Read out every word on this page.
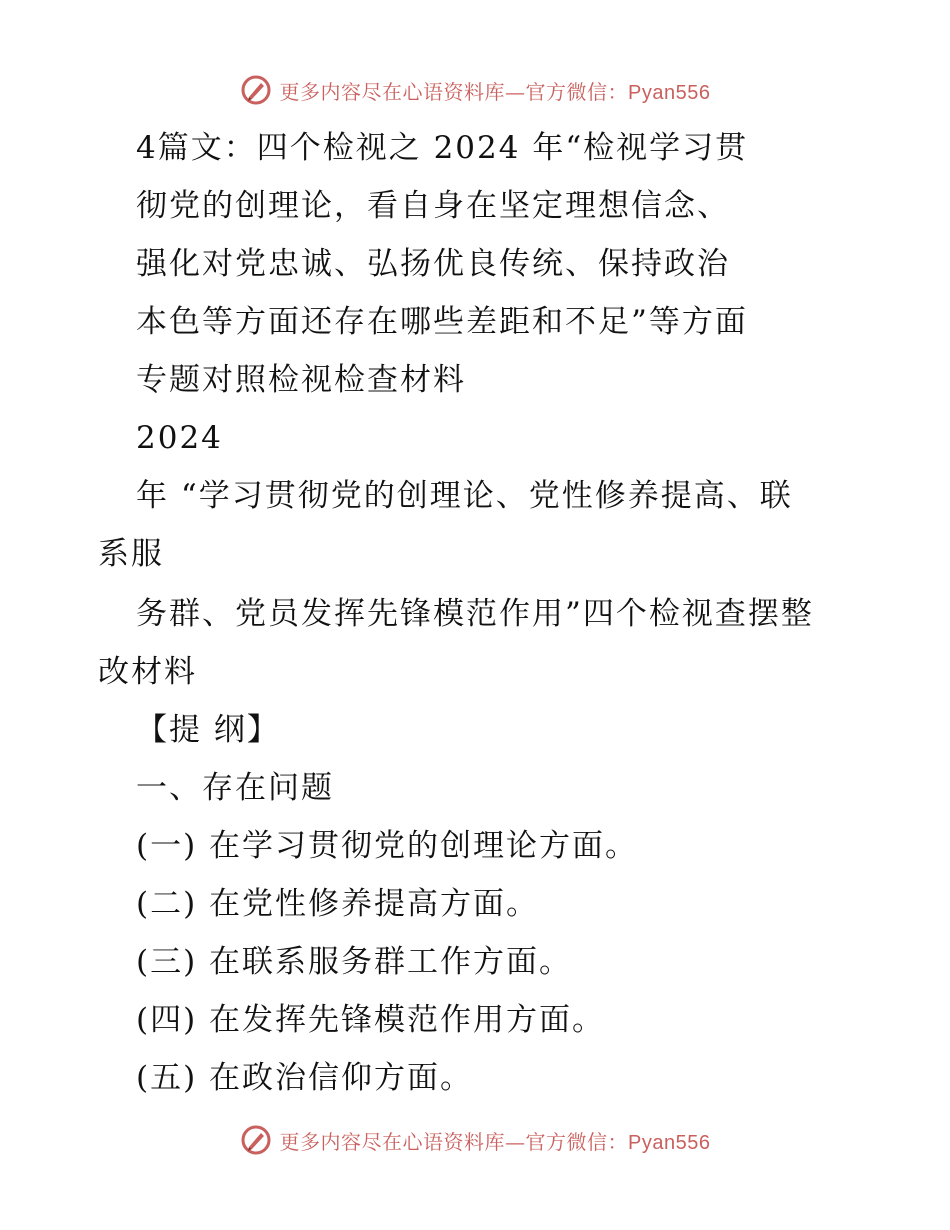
更多内容尽在心语资料库—官方微信：Pyan556
4篇文：四个检视之 2024 年“检视学习贯
彻党的创理论，看自身在坚定理想信念、
强化对党忠诚、弘扬优良传统、保持政治
本色等方面还存在哪些差距和不足”等方面
专题对照检视检查材料
2024
年 “学习贯彻党的创理论、党性修养提高、联
系服
务群、党员发挥先锋模范作用”四个检视查摆整
改材料
【提 纲】
一、存在问题
(一) 在学习贯彻党的创理论方面。
(二) 在党性修养提高方面。
(三) 在联系服务群工作方面。
(四) 在发挥先锋模范作用方面。
(五) 在政治信仰方面。
更多内容尽在心语资料库—官方微信：Pyan556
